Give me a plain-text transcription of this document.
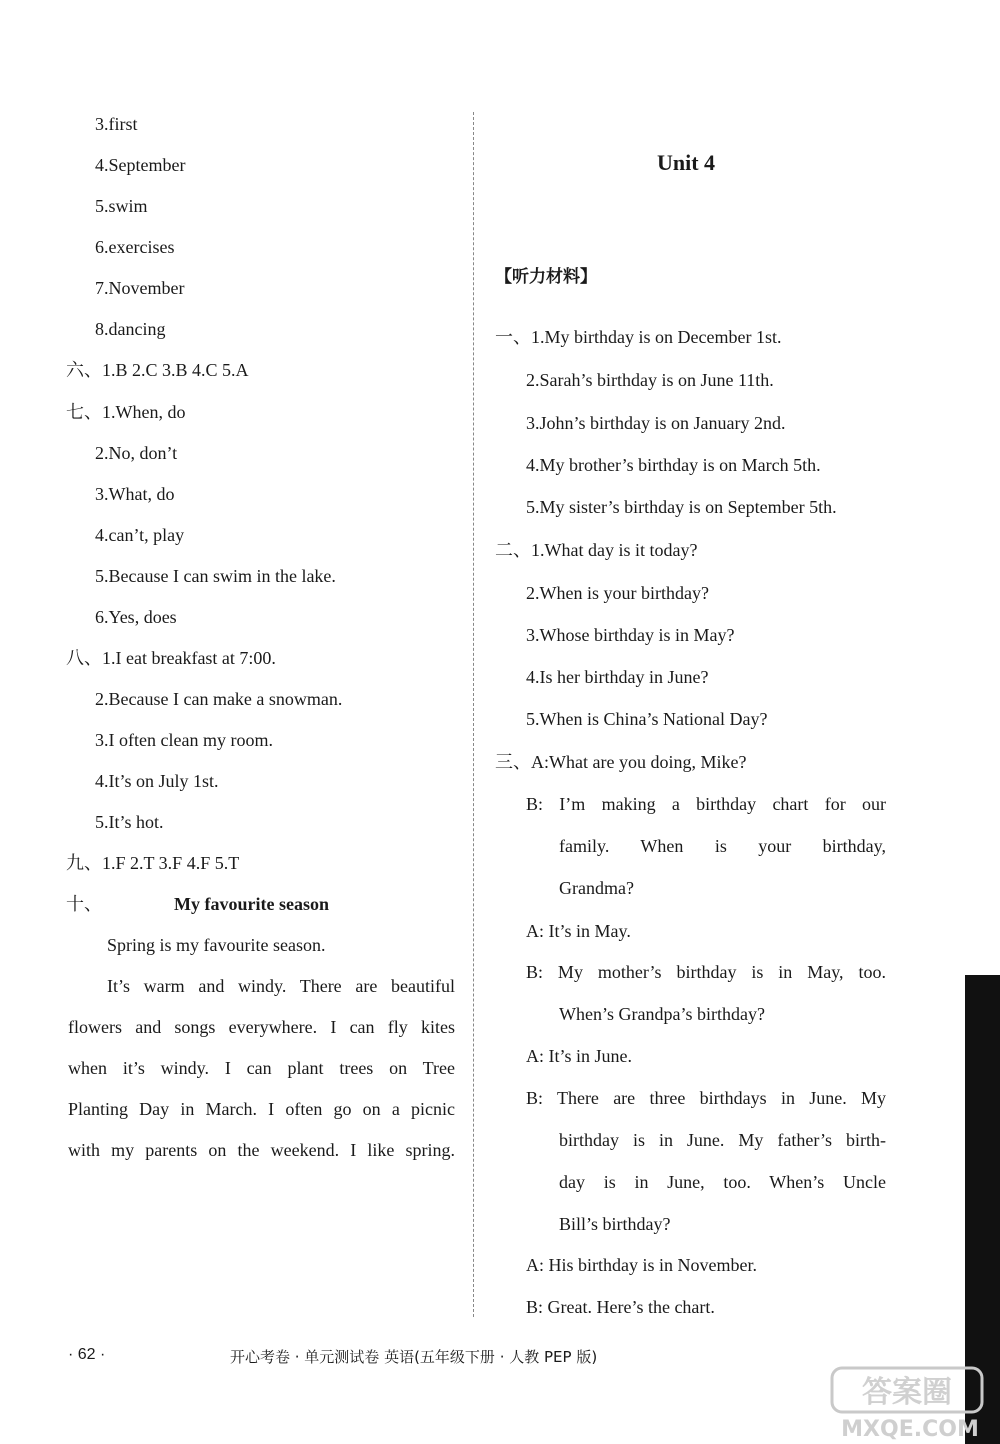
3.first
4.September
5.swim
6.exercises
7.November
8.dancing
六、1.B 2.C 3.B 4.C 5.A
七、1.When, do
2.No, don’t
3.What, do
4.can’t, play
5.Because I can swim in the lake.
6.Yes, does
八、1.I eat breakfast at 7:00.
2.Because I can make a snowman.
3.I often clean my room.
4.It’s on July 1st.
5.It’s hot.
九、1.F 2.T 3.F 4.F 5.T
十、	My favourite season
Spring is my favourite season.
It’s warm and windy. There are beautiful
flowers and songs everywhere. I can fly kites
when it’s windy. I can plant trees on Tree
Planting Day in March. I often go on a picnic
with my parents on the weekend. I like spring.
Unit 4
【听力材料】
一、1.My birthday is on December 1st.
2.Sarah’s birthday is on June 11th.
3.John’s birthday is on January 2nd.
4.My brother’s birthday is on March 5th.
5.My sister’s birthday is on September 5th.
二、1.What day is it today?
2.When is your birthday?
3.Whose birthday is in May?
4.Is her birthday in June?
5.When is China’s National Day?
三、A:What are you doing, Mike?
B: I’m making a birthday chart for our
family. When is your birthday,
Grandma?
A: It’s in May.
B: My mother’s birthday is in May, too.
When’s Grandpa’s birthday?
A: It’s in June.
B: There are three birthdays in June. My
birthday is in June. My father’s birth-
day is in June, too. When’s Uncle
Bill’s birthday?
A: His birthday is in November.
B: Great. Here’s the chart.
· 62 ·	开心考卷 · 单元测试卷 英语(五年级下册 · 人教 PEP 版)
答案圈
MXQE.COM
